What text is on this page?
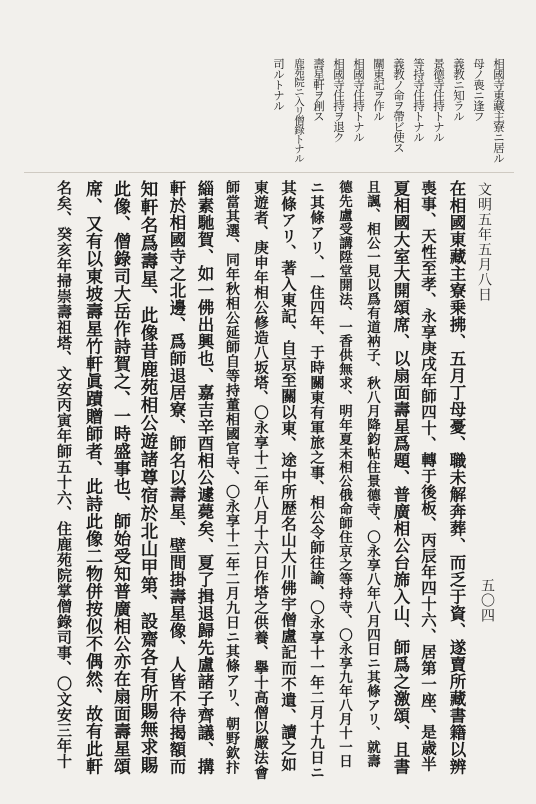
文明五年五月八日
五〇四
相國寺東藏主寮ニ居ル
母ノ喪ニ逢フ
義教ニ知ラル
景德寺住持トナル
等持寺住持トナル
義教ノ命ヲ帶ビ使ス
關東記ヲ作ル
相國寺住持トナル
相國寺住持ヲ退ク
壽星軒ヲ創ス
鹿苑院ニ入リ僧錄トナル
司ルトナル
在相國東藏主寮乗拂、五月丁母憂、職未解奔葬、而乏于資、遂賣所藏書籍以辨
喪事、天性至孝、永享庚戌年師四十、轉于後板、丙辰年四十六、居第一座、是歳半
夏相國大室大開頌席、以扇面壽星爲題、普廣相公台旆入山、師爲之激頌、且書
且諷、相公一見以爲有道衲子、秋八月降鈞帖住景德寺、〇永享八年八月四日ニ其條アリ、就壽
德先盧受講陞堂開法、一香供無求、明年夏末相公俄命師住京之等持寺、〇永享九年八月十一日
ニ其條アリ、一住四年、于時關東有軍旅之事、相公令師往諭、〇永享十一年二月十九日ニ
其條アリ、著入東記、自京至關以東、途中所歴名山大川佛宇僧盧記而不遺、讀之如
東遊者、庚申年相公修造八坂塔、〇永享十二年八月十六日作塔之供養、擧十高僧以嚴法會
師當其選、同年秋相公延師自等持董相國官寺、〇永享十二年二月九日ニ其條アリ、朝野欽抃
緇素馳賀、如一佛出興也、嘉吉辛酉相公遽薨矣、夏了揖退歸先盧諸子齊議、搆
軒於相國寺之北邊、爲師退居寮、師名以壽星、壁間掛壽星像、人皆不待揭額而
知軒名爲壽星、此像昔鹿苑相公遊諸尊宿於北山甲第、設齋各有所賜無求賜
此像、僧錄司大岳作詩賀之、一時盛事也、師始受知普廣相公亦在扇面壽星頌
席、又有以東坡壽星竹軒眞蹟贈師者、此詩此像二物併按似不偶然、故有此軒
名矣、癸亥年掃崇壽祖塔、文安丙寅年師五十六、住鹿苑院掌僧錄司事、〇文安三年十
